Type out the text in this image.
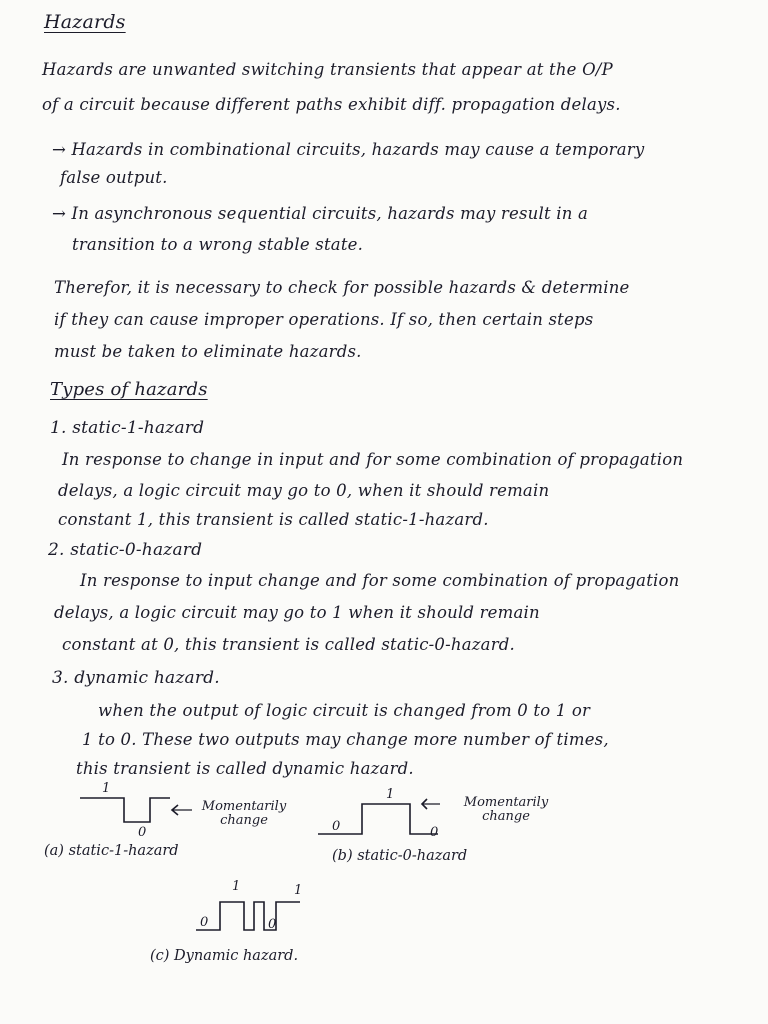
Hazards
Hazards are unwanted switching transients that appear at the O/P
of a circuit because different paths exhibit diff. propagation delays.
→ Hazards in combinational circuits, hazards may cause a temporary
false output.
→ In asynchronous sequential circuits, hazards may result in a
transition to a wrong stable state.
Therefor, it is necessary to check for possible hazards & determine
if they can cause improper operations. If so, then certain steps
must be taken to eliminate hazards.
Types of hazards
1. static-1-hazard
In response to change in input and for some combination of propagation
delays, a logic circuit may go to 0, when it should remain
constant 1, this transient is called static-1-hazard.
2. static-0-hazard
In response to input change and for some combination of propagation
delays, a logic circuit may go to 1 when it should remain
constant at 0, this transient is called static-0-hazard.
3. dynamic hazard.
when the output of logic circuit is changed from 0 to 1 or
1 to 0. These two outputs may change more number of times,
this transient is called dynamic hazard.
1
0
Momentarily change
(a) static-1-hazard
1
0	0
Momentarily change
(b) static-0-hazard
1	1
0	0
(c) Dynamic hazard.
